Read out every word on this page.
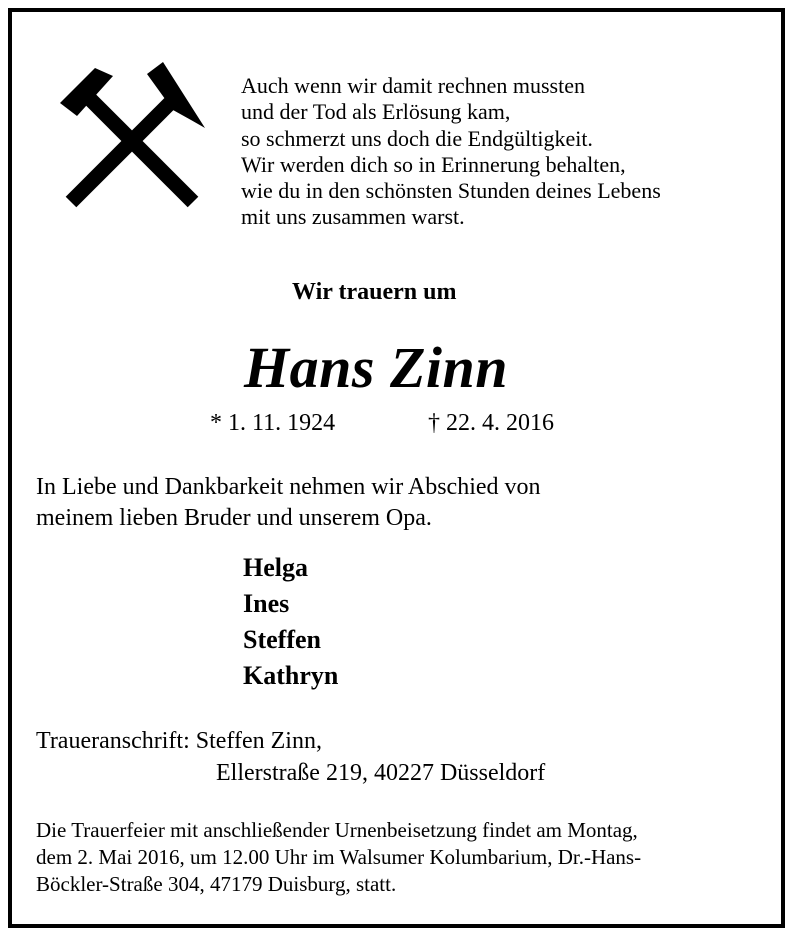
Auch wenn wir damit rechnen mussten
und der Tod als Erlösung kam,
so schmerzt uns doch die Endgültigkeit.
Wir werden dich so in Erinnerung behalten,
wie du in den schönsten Stunden deines Lebens
mit uns zusammen warst.
Wir trauern um
Hans Zinn
* 1. 11. 1924	† 22. 4. 2016
In Liebe und Dankbarkeit nehmen wir Abschied von
meinem lieben Bruder und unserem Opa.
Helga
Ines
Steffen
Kathryn
Traueranschrift: Steffen Zinn,
Ellerstraße 219, 40227 Düsseldorf
Die Trauerfeier mit anschließender Urnenbeisetzung findet am Montag,
dem 2. Mai 2016, um 12.00 Uhr im Walsumer Kolumbarium, Dr.-Hans-
Böckler-Straße 304, 47179 Duisburg, statt.
